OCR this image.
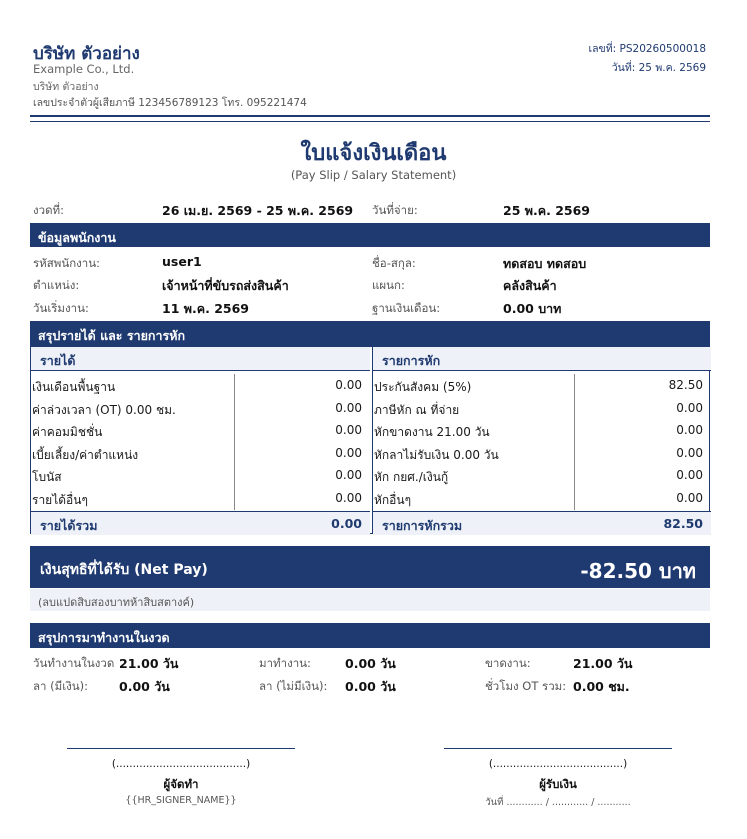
บริษัท ตัวอย่าง
Example Co., Ltd.
บริษัท ตัวอย่าง
เลขประจำตัวผู้เสียภาษี 123456789123 โทร. 095221474
เลขที่: PS20260500018
วันที่: 25 พ.ค. 2569
ใบแจ้งเงินเดือน
(Pay Slip / Salary Statement)
งวดที่:	26 เม.ย. 2569 - 25 พ.ค. 2569 วันที่จ่าย:	25 พ.ค. 2569
ข้อมูลพนักงาน
รหัสพนักงาน:	user1	ชื่อ-สกุล:	ทดสอบ ทดสอบ
ตำแหน่ง:	เจ้าหน้าที่ขับรถส่งสินค้า	แผนก:	คลังสินค้า
วันเริ่มงาน:	11 พ.ค. 2569	ฐานเงินเดือน:	0.00 บาท
สรุปรายได้ และ รายการหัก
รายได้
เงินเดือนพื้นฐาน	0.00
ค่าล่วงเวลา (OT) 0.00 ชม.	0.00
ค่าคอมมิชชั่น	0.00
เบี้ยเลี้ยง/ค่าตำแหน่ง	0.00
โบนัส	0.00
รายได้อื่นๆ	0.00
รายได้รวม	0.00
รายการหัก
ประกันสังคม (5%)	82.50
ภาษีหัก ณ ที่จ่าย	0.00
หักขาดงาน 21.00 วัน	0.00
หักลาไม่รับเงิน 0.00 วัน	0.00
หัก กยศ./เงินกู้	0.00
หักอื่นๆ	0.00
รายการหักรวม	82.50
เงินสุทธิที่ได้รับ (Net Pay)	-82.50 บาท
(ลบแปดสิบสองบาทห้าสิบสตางค์)
สรุปการมาทำงานในงวด
วันทำงานในงวด 21.00 วัน	มาทำงาน:	0.00 วัน	ขาดงาน:	21.00 วัน
ลา (มีเงิน): 0.00 วัน	ลา (ไม่มีเงิน): 0.00 วัน	ชั่วโมง OT รวม: 0.00 ชม.
(.......................................)
ผู้จัดทำ
{{HR_SIGNER_NAME}}
(.......................................)
ผู้รับเงิน
วันที่ ............ / ............ / ...........
